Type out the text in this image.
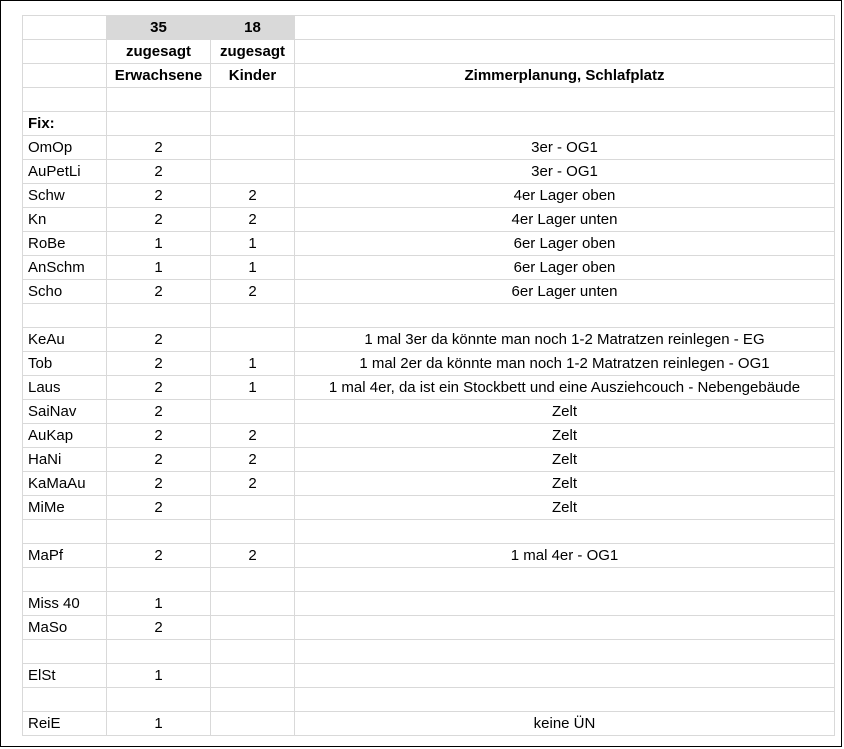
	35	18	
	zugesagt	zugesagt	
	Erwachsene	Kinder	Zimmerplanung, Schlafplatz

Fix:			
OmOp	2		3er - OG1
AuPetLi	2		3er - OG1
Schw	2	2	4er Lager oben
Kn	2	2	4er Lager unten
RoBe	1	1	6er Lager oben
AnSchm	1	1	6er Lager oben
Scho	2	2	6er Lager unten

KeAu	2		1 mal 3er da könnte man noch 1-2 Matratzen reinlegen - EG
Tob	2	1	1 mal 2er da könnte man noch 1-2 Matratzen reinlegen - OG1
Laus	2	1	1 mal 4er, da ist ein Stockbett und eine Ausziehcouch - Nebengebäude
SaiNav	2		Zelt
AuKap	2	2	Zelt
HaNi	2	2	Zelt
KaMaAu	2	2	Zelt
MiMe	2		Zelt

MaPf	2	2	1 mal 4er - OG1

Miss 40	1		
MaSo	2		

ElSt	1		

ReiE	1		keine ÜN
